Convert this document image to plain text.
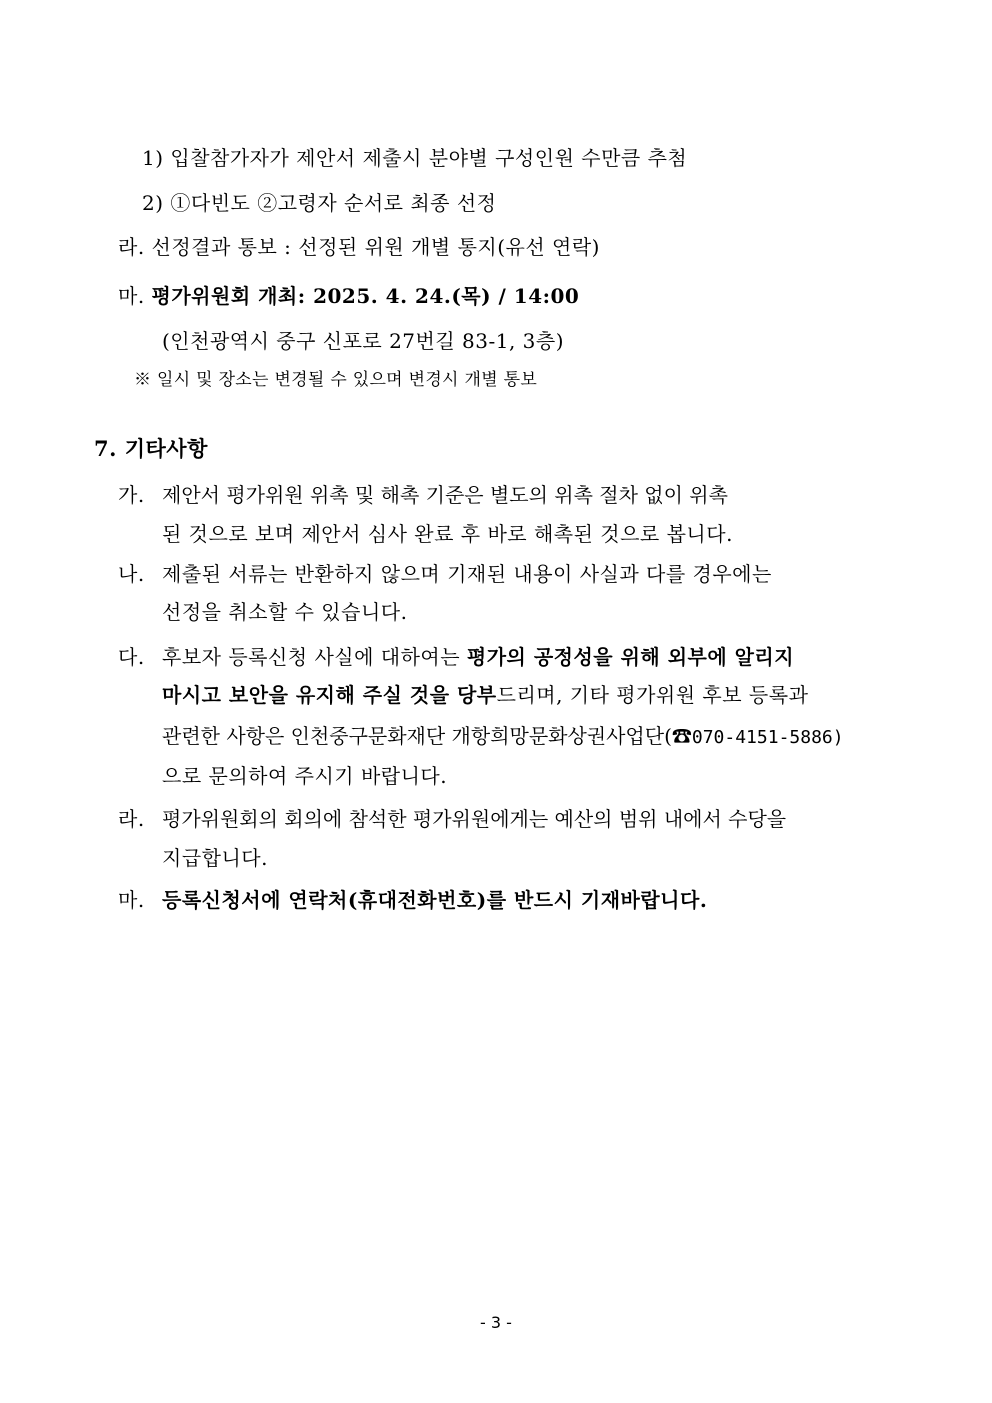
1) 입찰참가자가 제안서 제출시 분야별 구성인원 수만큼 추첨
2) ①다빈도 ②고령자 순서로 최종 선정
라. 선정결과 통보 : 선정된 위원 개별 통지(유선 연락)
마. 평가위원회 개최: 2025. 4. 24.(목) / 14:00
(인천광역시 중구 신포로 27번길 83-1, 3층)
※ 일시 및 장소는 변경될 수 있으며 변경시 개별 통보
7. 기타사항
가. 제안서 평가위원 위촉 및 해촉 기준은 별도의 위촉 절차 없이 위촉
된 것으로 보며 제안서 심사 완료 후 바로 해촉된 것으로 봅니다.
나. 제출된 서류는 반환하지 않으며 기재된 내용이 사실과 다를 경우에는
선정을 취소할 수 있습니다.
다. 후보자 등록신청 사실에 대하여는 평가의 공정성을 위해 외부에 알리지
마시고 보안을 유지해 주실 것을 당부드리며, 기타 평가위원 후보 등록과
관련한 사항은 인천중구문화재단 개항희망문화상권사업단(☎070-4151-5886)
으로 문의하여 주시기 바랍니다.
라. 평가위원회의 회의에 참석한 평가위원에게는 예산의 범위 내에서 수당을
지급합니다.
마. 등록신청서에 연락처(휴대전화번호)를 반드시 기재바랍니다.
- 3 -
